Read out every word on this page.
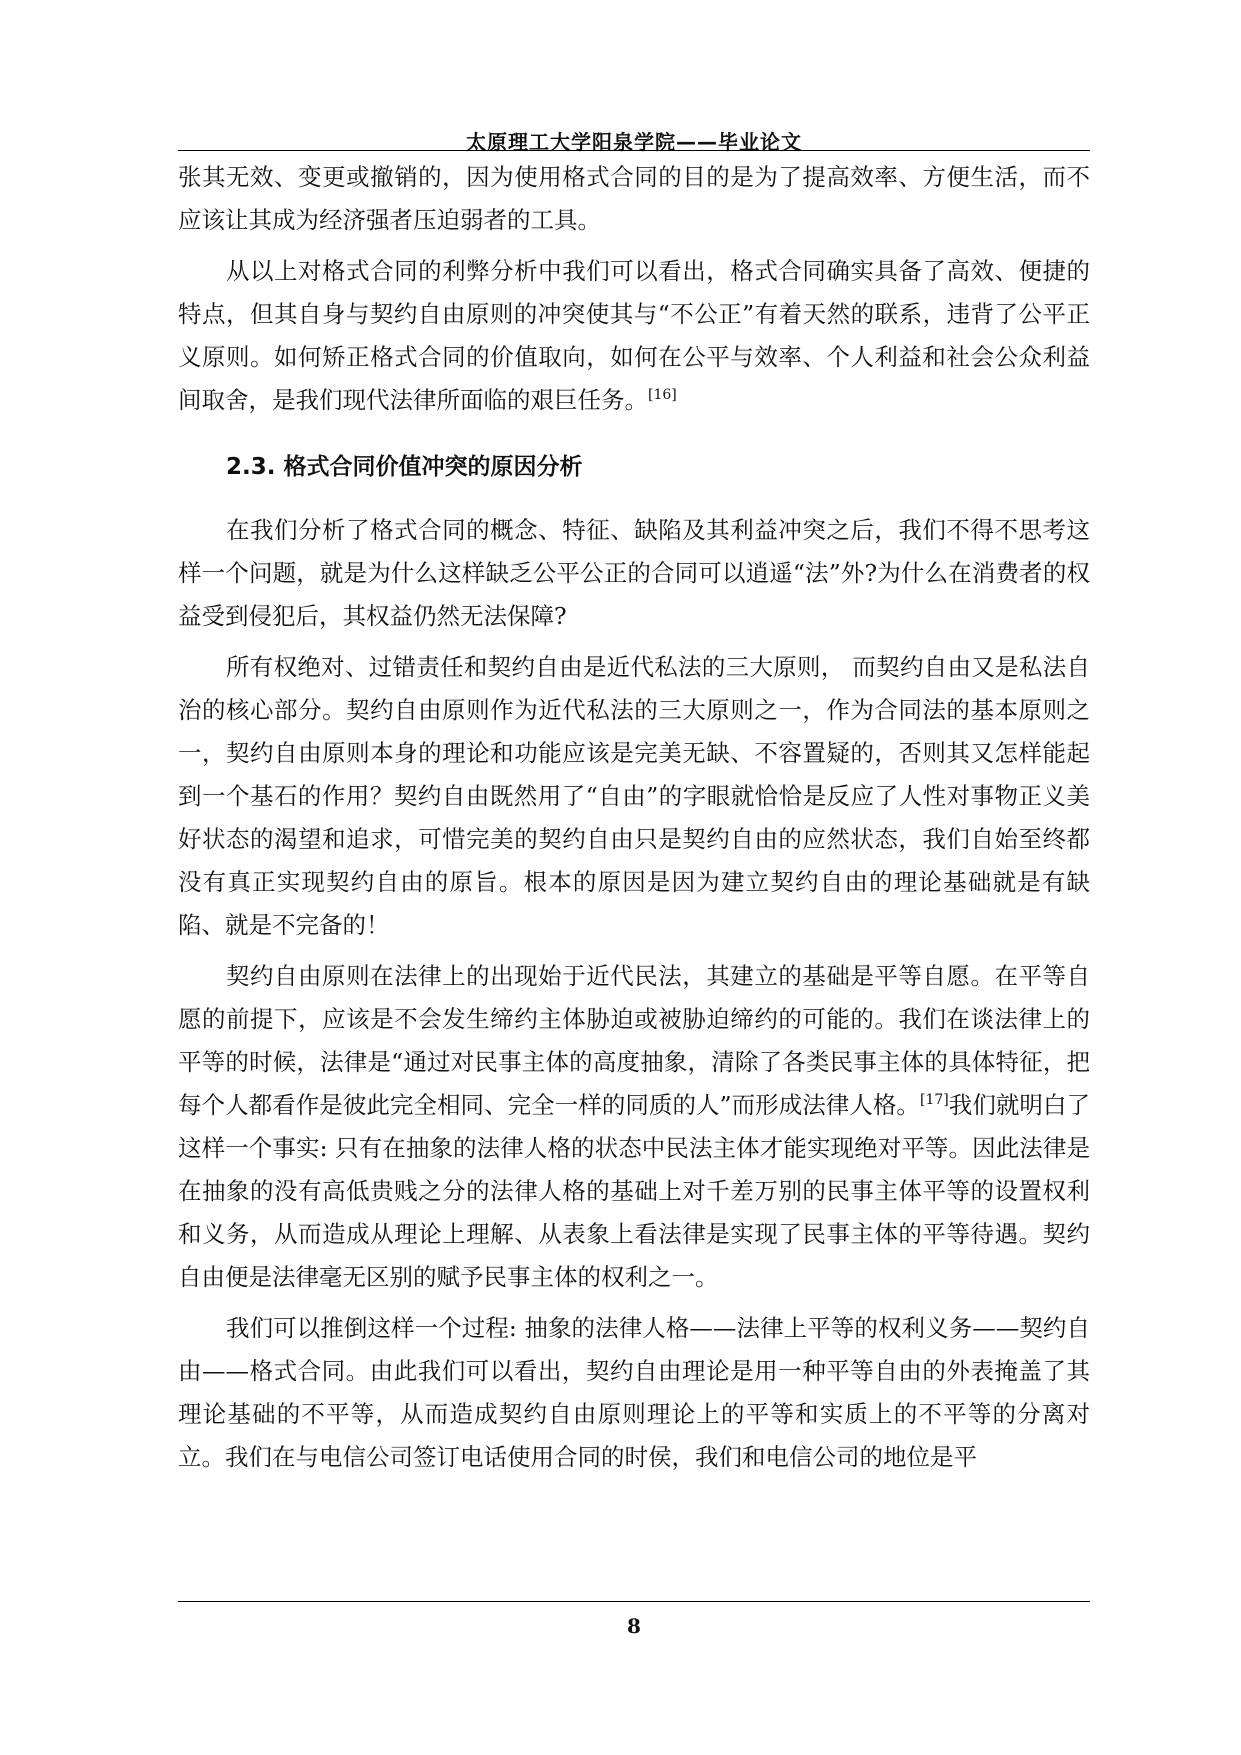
太原理工大学阳泉学院——毕业论文

张其无效、变更或撤销的，因为使用格式合同的目的是为了提高效率、方便生活，而不应该让其成为经济强者压迫弱者的工具。

从以上对格式合同的利弊分析中我们可以看出，格式合同确实具备了高效、便捷的特点，但其自身与契约自由原则的冲突使其与“不公正”有着天然的联系，违背了公平正义原则。如何矫正格式合同的价值取向，如何在公平与效率、个人利益和社会公众利益间取舍，是我们现代法律所面临的艰巨任务。[16]

2.3. 格式合同价值冲突的原因分析

在我们分析了格式合同的概念、特征、缺陷及其利益冲突之后，我们不得不思考这样一个问题，就是为什么这样缺乏公平公正的合同可以逍遥“法”外?为什么在消费者的权益受到侵犯后，其权益仍然无法保障?

所有权绝对、过错责任和契约自由是近代私法的三大原则， 而契约自由又是私法自治的核心部分。契约自由原则作为近代私法的三大原则之一，作为合同法的基本原则之一，契约自由原则本身的理论和功能应该是完美无缺、不容置疑的，否则其又怎样能起到一个基石的作用？契约自由既然用了“自由”的字眼就恰恰是反应了人性对事物正义美好状态的渴望和追求，可惜完美的契约自由只是契约自由的应然状态，我们自始至终都没有真正实现契约自由的原旨。根本的原因是因为建立契约自由的理论基础就是有缺陷、就是不完备的！

契约自由原则在法律上的出现始于近代民法，其建立的基础是平等自愿。在平等自愿的前提下，应该是不会发生缔约主体胁迫或被胁迫缔约的可能的。我们在谈法律上的平等的时候，法律是“通过对民事主体的高度抽象，清除了各类民事主体的具体特征，把每个人都看作是彼此完全相同、完全一样的同质的人”而形成法律人格。[17]我们就明白了这样一个事实: 只有在抽象的法律人格的状态中民法主体才能实现绝对平等。因此法律是在抽象的没有高低贵贱之分的法律人格的基础上对千差万别的民事主体平等的设置权利和义务，从而造成从理论上理解、从表象上看法律是实现了民事主体的平等待遇。契约自由便是法律毫无区别的赋予民事主体的权利之一。

我们可以推倒这样一个过程: 抽象的法律人格——法律上平等的权利义务——契约自由——格式合同。由此我们可以看出，契约自由理论是用一种平等自由的外表掩盖了其理论基础的不平等，从而造成契约自由原则理论上的平等和实质上的不平等的分离对立。我们在与电信公司签订电话使用合同的时侯，我们和电信公司的地位是平

8
